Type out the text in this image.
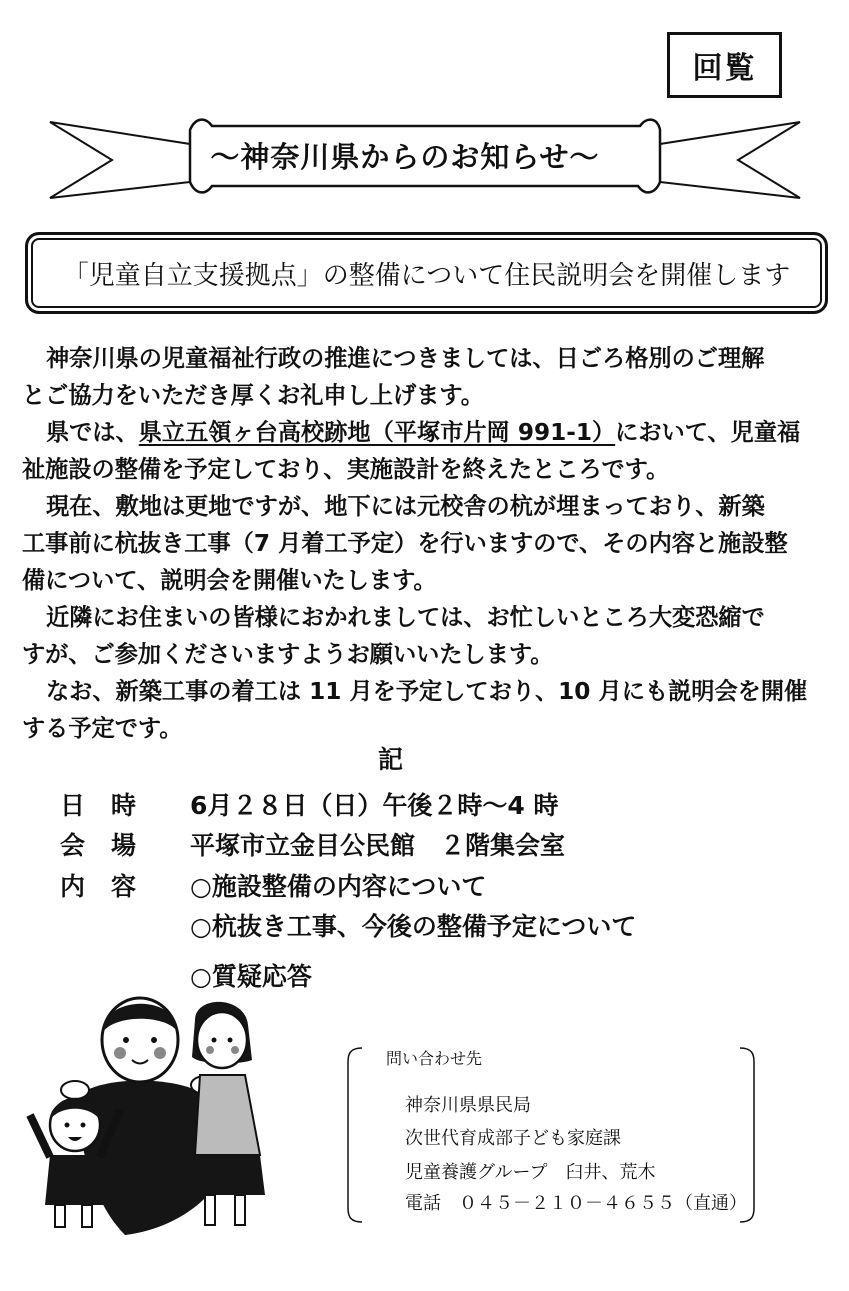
回覧
～神奈川県からのお知らせ～
「児童自立支援拠点」の整備について住民説明会を開催します
神奈川県の児童福祉行政の推進につきましては、日ごろ格別のご理解
とご協力をいただき厚くお礼申し上げます。
県では、県立五領ヶ台高校跡地（平塚市片岡 991-1）において、児童福
祉施設の整備を予定しており、実施設計を終えたところです。
現在、敷地は更地ですが、地下には元校舎の杭が埋まっており、新築
工事前に杭抜き工事（7 月着工予定）を行いますので、その内容と施設整
備について、説明会を開催いたします。
近隣にお住まいの皆様におかれましては、お忙しいところ大変恐縮で
すが、ご参加くださいますようお願いいたします。
なお、新築工事の着工は 11 月を予定しており、10 月にも説明会を開催
する予定です。
記
日時 6月２８日（日）午後２時～4 時
会場 平塚市立金目公民館　２階集会室
内容 ○施設整備の内容について
○杭抜き工事、今後の整備予定について
○質疑応答
問い合わせ先
神奈川県県民局
次世代育成部子ども家庭課
児童養護グループ　臼井、荒木
電話　０４５－２１０－４６５５（直通）
